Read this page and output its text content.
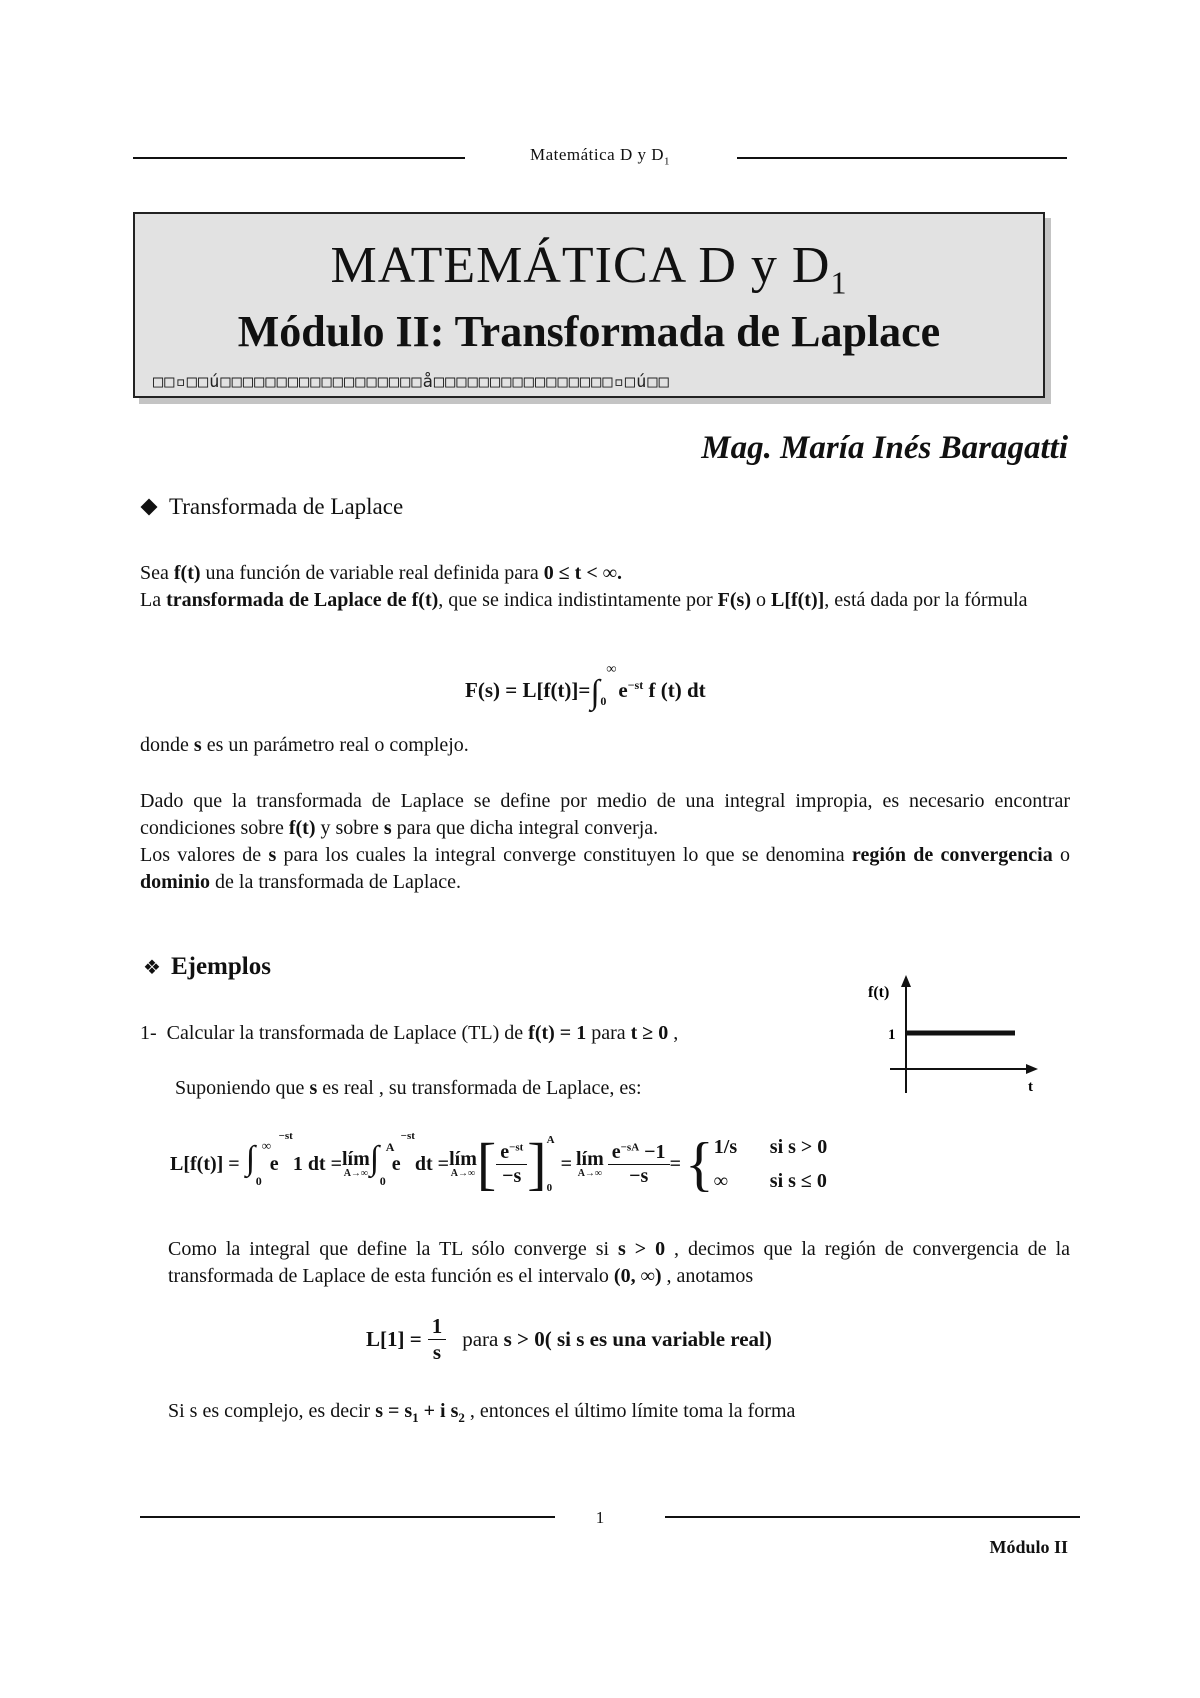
Matemática D y $D_1$
MATEMÁTICA D y $D_1$
Módulo II: Transformada de Laplace
□□▫□□ú□□□□□□□□□□□□□□□□□□å□□□□□□□□□□□□□□□□▫□ú□□
Mag. María Inés Baragatti
Transformada de Laplace
Sea f(t) una función de variable real definida para 0 ≤ t < ∞.
La transformada de Laplace de f(t), que se indica indistintamente por F(s) o L[f(t)], está dada por la fórmula
F(s) = L[f(t)]=∫
∞
0 $e^{-st}$ f (t) dt
donde s es un parámetro real o complejo.
Dado que la transformada de Laplace se define por medio de una integral impropia, es necesario encontrar condiciones sobre f(t) y sobre s para que dicha integral converja.
Los valores de s para los cuales la integral converge constituyen lo que se denomina región de convergencia o dominio de la transformada de Laplace.
❖ Ejemplos
1- Calcular la transformada de Laplace (TL) de f(t) = 1 para t ≥ 0 ,
Suponiendo que s es real , su transformada de Laplace, es:
f(t)
1
t
L[f(t)] = ∫ ∞
0
e
−st
1 dt = lím
A→∞ ∫ A
0
e
−st
dt = lím
A→∞ [ $\frac{e^{-st}}{-s}$ ] A
0
= lím
$A\to\infty \frac{e^{-sA} -1}{-s}$ = { 1/s si s > 0
∞ si s ≤ 0
Como la integral que define la TL sólo converge si s > 0 , decimos que la región de convergencia de la transformada de Laplace de esta función es el intervalo (0, ∞) , anotamos
$L[1] = \frac{1}{s}$ para
s > 0 ( si s es una variable real)
Si s es complejo, es decir $s = s_1 + i$ $s_2$ , entonces el último límite toma la forma
1
Módulo II
